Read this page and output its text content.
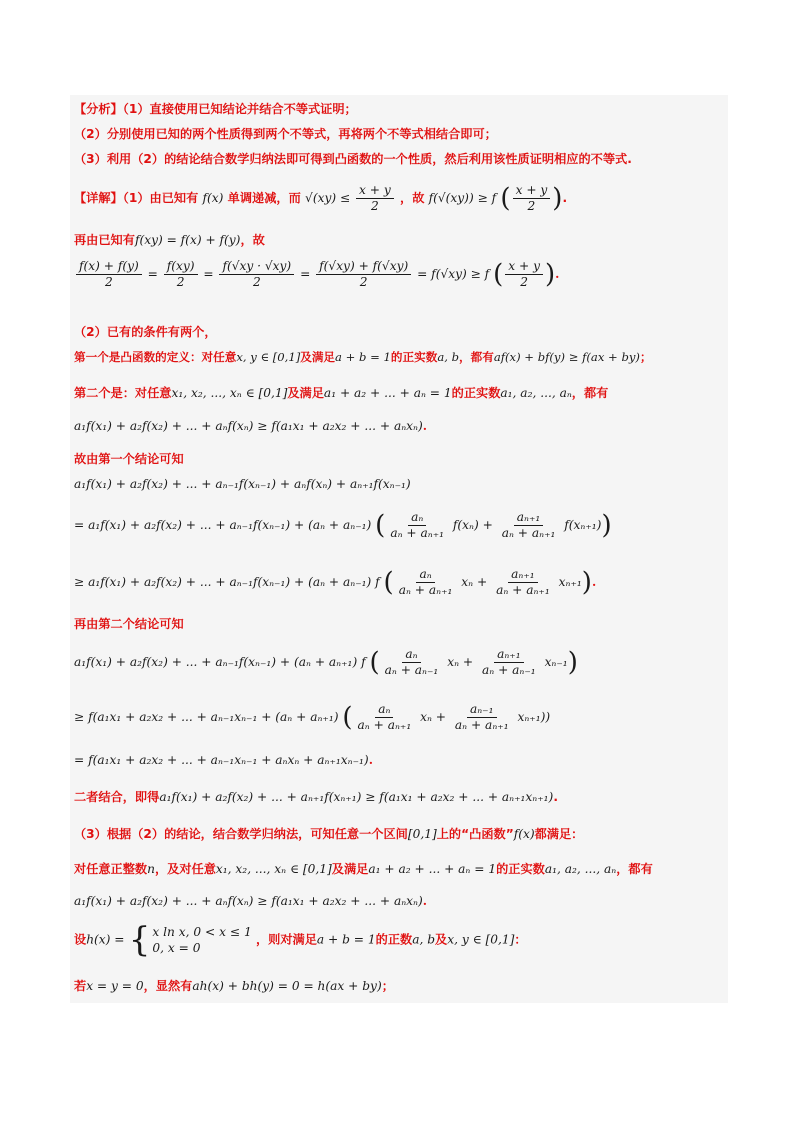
【分析】（1）直接使用已知结论并结合不等式证明；
（2）分别使用已知的两个性质得到两个不等式，再将两个不等式相结合即可；
（3）利用（2）的结论结合数学归纳法即可得到凸函数的一个性质，然后利用该性质证明相应的不等式.
【详解】（1）由已知有 f(x) 单调递减，而 $√(xy) \le \frac{x + y}{2}$ ，故 f(√(xy)) ≥ f ( $\frac{x + y}{2}$ ).
再由已知有f(xy) = f(x) + f(y)，故
$\frac{f(x) + f(y)}{2} = \frac{f(xy)}{2} = \frac{f(√xy \cdot √xy)}{2} = \frac{f(√xy) + f(√xy)}{2} = f(√xy) \ge f$ ( $\frac{x + y}{2}$ ).
（2）已有的条件有两个，
第一个是凸函数的定义：对任意x, y ∈ [0,1]及满足a + b = 1的正实数a, b，都有af(x) + bf(y) ≥ f(ax + by)；
第二个是：对任意x₁, x₂, ..., xₙ ∈ [0,1]及满足a₁ + a₂ + ... + aₙ = 1的正实数a₁, a₂, ..., aₙ，都有
a₁f(x₁) + a₂f(x₂) + ... + aₙf(xₙ) ≥ f(a₁x₁ + a₂x₂ + ... + aₙxₙ).
故由第一个结论可知
a₁f(x₁) + a₂f(x₂) + ... + aₙ₋₁f(xₙ₋₁) + aₙf(xₙ) + aₙ₊₁f(xₙ₋₁)
= a₁f(x₁) + a₂f(x₂) + ... + aₙ₋₁f(xₙ₋₁) + (aₙ + aₙ₋₁) ( $\frac{\text{aₙ}}{\text{aₙ + aₙ₊₁}} f(x_n) + \frac{\text{aₙ₊₁}}{\text{aₙ + aₙ₊₁}} f(x_{n+1})$)
≥ a₁f(x₁) + a₂f(x₂) + ... + aₙ₋₁f(xₙ₋₁) + (aₙ + aₙ₋₁) f ( $\frac{\text{aₙ}}{\text{aₙ + aₙ₊₁}}$ $x_n + \frac{\text{aₙ₊₁}}{\text{aₙ + aₙ₊₁}} x_{n+1}$).
再由第二个结论可知
a₁f(x₁) + a₂f(x₂) + ... + aₙ₋₁f(xₙ₋₁) + (aₙ + aₙ₊₁) f ( $\frac{\text{aₙ}}{\text{aₙ + aₙ₋₁}}$ $x_n + \frac{\text{aₙ₊₁}}{\text{aₙ + aₙ₋₁}} x_{n-1}$)
≥ f(a₁x₁ + a₂x₂ + ... + aₙ₋₁xₙ₋₁ + (aₙ + aₙ₊₁) ( $\frac{\text{aₙ}}{\text{aₙ + aₙ₊₁}}$ $x_n + \frac{\text{aₙ₋₁}}{\text{aₙ + aₙ₊₁}} x_{n+1}$))
= f(a₁x₁ + a₂x₂ + ... + aₙ₋₁xₙ₋₁ + aₙxₙ + aₙ₊₁xₙ₋₁).
二者结合，即得a₁f(x₁) + a₂f(x₂) + ... + aₙ₊₁f(xₙ₊₁) ≥ f(a₁x₁ + a₂x₂ + ... + aₙ₊₁xₙ₊₁).
（3）根据（2）的结论，结合数学归纳法，可知任意一个区间[0,1]上的“凸函数”f(x)都满足：
对任意正整数n，及对任意x₁, x₂, ..., xₙ ∈ [0,1]及满足a₁ + a₂ + ... + aₙ = 1的正实数a₁, a₂, ..., aₙ，都有
a₁f(x₁) + a₂f(x₂) + ... + aₙf(xₙ) ≥ f(a₁x₁ + a₂x₂ + ... + aₙxₙ).
设h(x) = { x ln x, 0 < x ≤ 1
0, x = 0
，则对满足a + b = 1的正数a, b及x, y ∈ [0,1]：
若x = y = 0，显然有ah(x) + bh(y) = 0 = h(ax + by)；
